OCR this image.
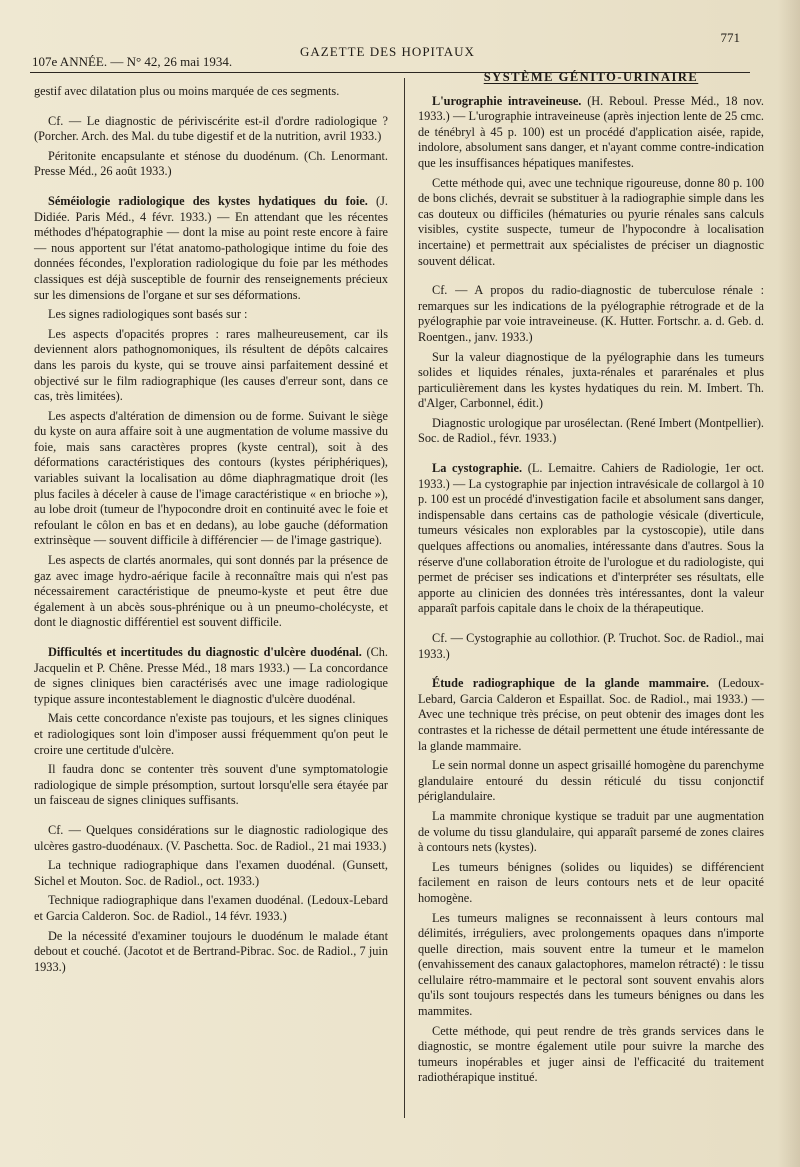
107e ANNÉE. — N° 42, 26 mai 1934.
GAZETTE DES HOPITAUX
771

gestif avec dilatation plus ou moins marquée de ces segments.

Cf. — Le diagnostic de périviscérite est-il d'ordre radiologique ? (Porcher. Arch. des Mal. du tube digestif et de la nutrition, avril 1933.)

Péritonite encapsulante et sténose du duodénum. (Ch. Lenormant. Presse Méd., 26 août 1933.)

Séméiologie radiologique des kystes hydatiques du foie. (J. Didiée. Paris Méd., 4 févr. 1933.) — En attendant que les récentes méthodes d'hépatographie — dont la mise au point reste encore à faire — nous apportent sur l'état anatomo-pathologique intime du foie des données fécondes, l'exploration radiologique du foie par les méthodes classiques est déjà susceptible de fournir des renseignements précieux sur les dimensions de l'organe et sur ses déformations.

Les signes radiologiques sont basés sur :

Les aspects d'opacités propres : rares malheureusement, car ils deviennent alors pathognomoniques, ils résultent de dépôts calcaires dans les parois du kyste, qui se trouve ainsi parfaitement dessiné et objectivé sur le film radiographique (les causes d'erreur sont, dans ce cas, très limitées).

Les aspects d'altération de dimension ou de forme. Suivant le siège du kyste on aura affaire soit à une augmentation de volume massive du foie, mais sans caractères propres (kyste central), soit à des déformations caractéristiques des contours (kystes périphériques), variables suivant la localisation au dôme diaphragmatique droit (les plus faciles à déceler à cause de l'image caractéristique « en brioche »), au lobe droit (tumeur de l'hypocondre droit en continuité avec le foie et refoulant le côlon en bas et en dedans), au lobe gauche (déformation extrinsèque — souvent difficile à différencier — de l'image gastrique).

Les aspects de clartés anormales, qui sont donnés par la présence de gaz avec image hydro-aérique facile à reconnaître mais qui n'est pas nécessairement caractéristique de pneumo-kyste et peut être due également à un abcès sous-phrénique ou à un pneumo-cholécyste, et dont le diagnostic différentiel est souvent difficile.

Difficultés et incertitudes du diagnostic d'ulcère duodénal. (Ch. Jacquelin et P. Chêne. Presse Méd., 18 mars 1933.) — La concordance de signes cliniques bien caractérisés avec une image radiologique typique assure incontestablement le diagnostic d'ulcère duodénal.

Mais cette concordance n'existe pas toujours, et les signes cliniques et radiologiques sont loin d'imposer aussi fréquemment qu'on peut le croire une certitude d'ulcère.

Il faudra donc se contenter très souvent d'une symptomatologie radiologique de simple présomption, surtout lorsqu'elle sera étayée par un faisceau de signes cliniques suffisants.

Cf. — Quelques considérations sur le diagnostic radiologique des ulcères gastro-duodénaux. (V. Paschetta. Soc. de Radiol., 21 mai 1933.)

La technique radiographique dans l'examen duodénal. (Gunsett, Sichel et Mouton. Soc. de Radiol., oct. 1933.)

Technique radiographique dans l'examen duodénal. (Ledoux-Lebard et Garcia Calderon. Soc. de Radiol., 14 févr. 1933.)

De la nécessité d'examiner toujours le duodénum le malade étant debout et couché. (Jacotot et de Bertrand-Pibrac. Soc. de Radiol., 7 juin 1933.)

SYSTÈME GÉNITO-URINAIRE

L'urographie intraveineuse. (H. Reboul. Presse Méd., 18 nov. 1933.) — L'urographie intraveineuse (après injection lente de 25 cmc. de ténébryl à 45 p. 100) est un procédé d'application aisée, rapide, indolore, absolument sans danger, et n'ayant comme contre-indication que les insuffisances hépatiques manifestes.

Cette méthode qui, avec une technique rigoureuse, donne 80 p. 100 de bons clichés, devrait se substituer à la radiographie simple dans les cas douteux ou difficiles (hématuries ou pyurie rénales sans calculs visibles, cystite suspecte, tumeur de l'hypocondre à localisation incertaine) et permettrait aux spécialistes de préciser un diagnostic souvent délicat.

Cf. — A propos du radio-diagnostic de tuberculose rénale : remarques sur les indications de la pyélographie rétrograde et de la pyélographie par voie intraveineuse. (K. Hutter. Fortschr. a. d. Geb. d. Roentgen., janv. 1933.)

Sur la valeur diagnostique de la pyélographie dans les tumeurs solides et liquides rénales, juxta-rénales et pararénales et plus particulièrement dans les kystes hydatiques du rein. M. Imbert. Th. d'Alger, Carbonnel, édit.)

Diagnostic urologique par urosélectan. (René Imbert (Montpellier). Soc. de Radiol., févr. 1933.)

La cystographie. (L. Lemaitre. Cahiers de Radiologie, 1er oct. 1933.) — La cystographie par injection intravésicale de collargol à 10 p. 100 est un procédé d'investigation facile et absolument sans danger, indispensable dans certains cas de pathologie vésicale (diverticule, tumeurs vésicales non explorables par la cystoscopie), utile dans quelques affections ou anomalies, intéressante dans d'autres. Sous la réserve d'une collaboration étroite de l'urologue et du radiologiste, qui permet de préciser ses indications et d'interpréter ses résultats, elle apporte au clinicien des données très intéressantes, dont la valeur apparaît parfois capitale dans le choix de la thérapeutique.

Cf. — Cystographie au collothior. (P. Truchot. Soc. de Radiol., mai 1933.)

Étude radiographique de la glande mammaire. (Ledoux-Lebard, Garcia Calderon et Espaillat. Soc. de Radiol., mai 1933.) — Avec une technique très précise, on peut obtenir des images dont les contrastes et la richesse de détail permettent une étude intéressante de la glande mammaire.

Le sein normal donne un aspect grisaillé homogène du parenchyme glandulaire entouré du dessin réticulé du tissu conjonctif périglandulaire.

La mammite chronique kystique se traduit par une augmentation de volume du tissu glandulaire, qui apparaît parsemé de zones claires à contours nets (kystes).

Les tumeurs bénignes (solides ou liquides) se différencient facilement en raison de leurs contours nets et de leur opacité homogène.

Les tumeurs malignes se reconnaissent à leurs contours mal délimités, irréguliers, avec prolongements opaques dans n'importe quelle direction, mais souvent entre la tumeur et le mamelon (envahissement des canaux galactophores, mamelon rétracté) : le tissu cellulaire rétro-mammaire et le pectoral sont souvent envahis alors qu'ils sont toujours respectés dans les tumeurs bénignes ou dans les mammites.

Cette méthode, qui peut rendre de très grands services dans le diagnostic, se montre également utile pour suivre la marche des tumeurs inopérables et juger ainsi de l'efficacité du traitement radiothérapique institué.
